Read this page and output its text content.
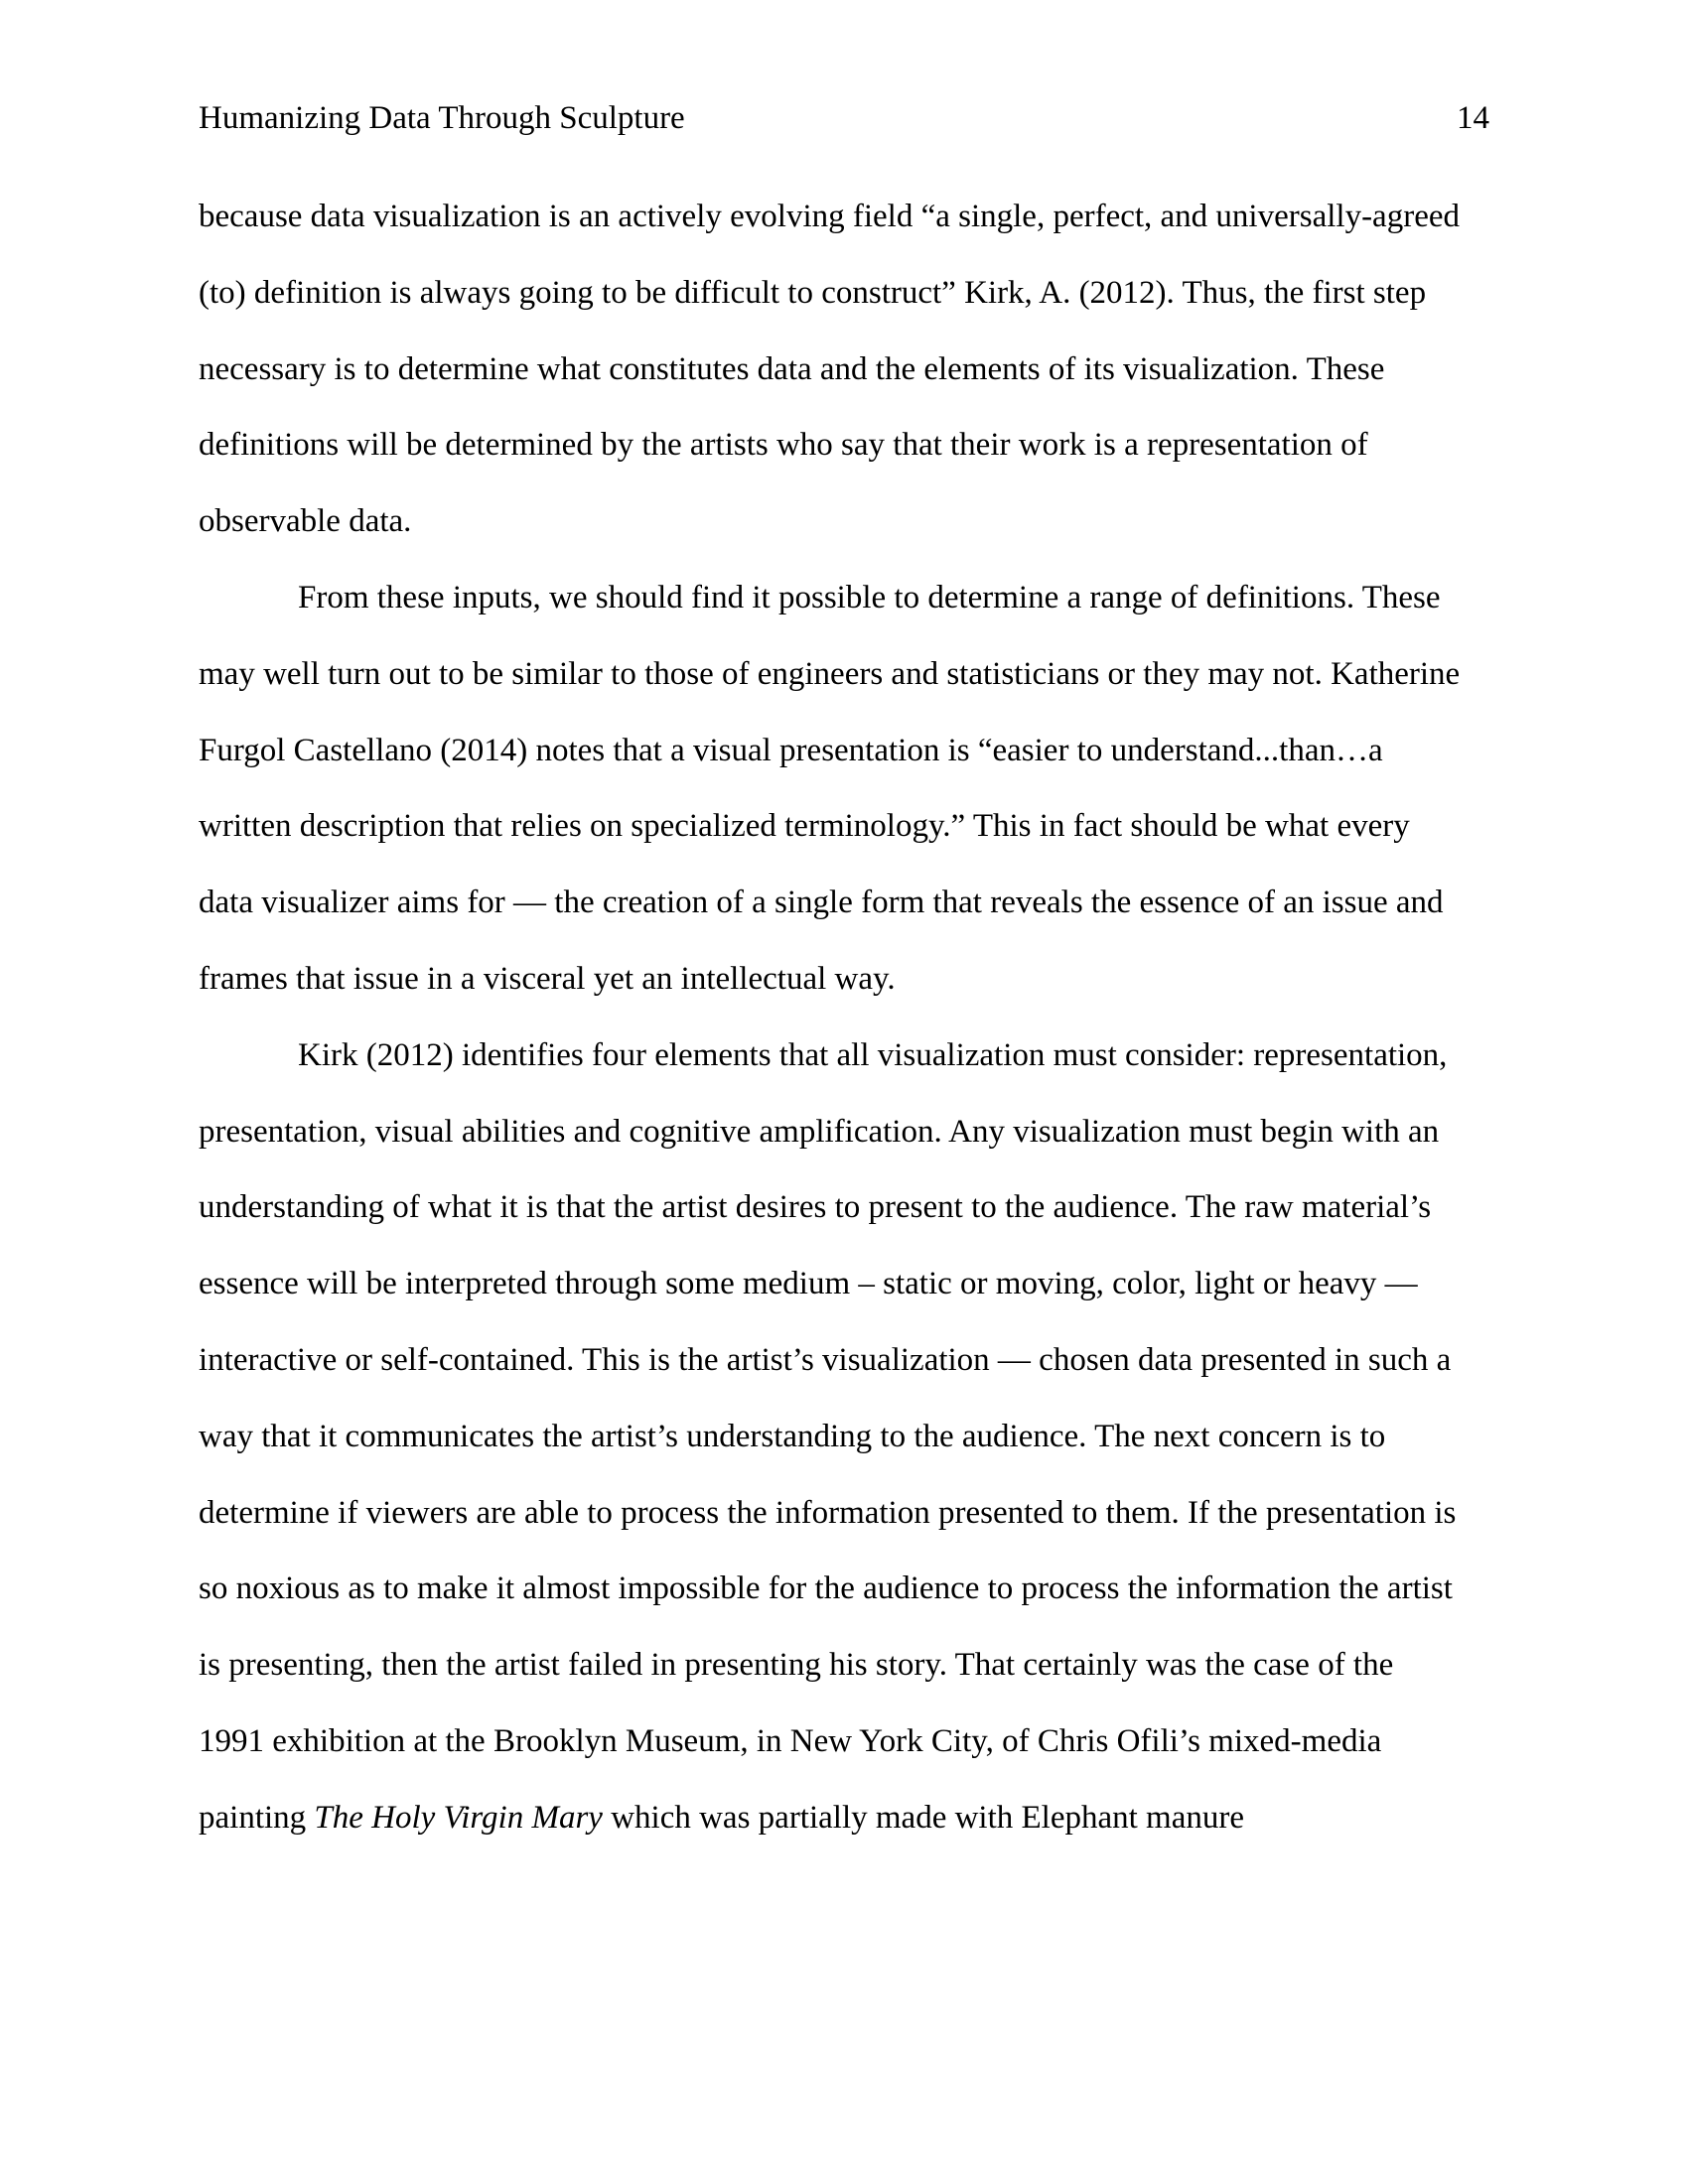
Humanizing Data Through Sculpture	14
because data visualization is an actively evolving field “a single, perfect, and universally-agreed
(to) definition is always going to be difficult to construct” Kirk, A. (2012). Thus, the first step
necessary is to determine what constitutes data and the elements of its visualization. These
definitions will be determined by the artists who say that their work is a representation of
observable data.
From these inputs, we should find it possible to determine a range of definitions. These
may well turn out to be similar to those of engineers and statisticians or they may not. Katherine
Furgol Castellano (2014) notes that a visual presentation is “easier to understand...than…a
written description that relies on specialized terminology.” This in fact should be what every
data visualizer aims for — the creation of a single form that reveals the essence of an issue and
frames that issue in a visceral yet an intellectual way.
Kirk (2012) identifies four elements that all visualization must consider: representation,
presentation, visual abilities and cognitive amplification. Any visualization must begin with an
understanding of what it is that the artist desires to present to the audience. The raw material’s
essence will be interpreted through some medium – static or moving, color, light or heavy —
interactive or self-contained. This is the artist’s visualization — chosen data presented in such a
way that it communicates the artist’s understanding to the audience. The next concern is to
determine if viewers are able to process the information presented to them. If the presentation is
so noxious as to make it almost impossible for the audience to process the information the artist
is presenting, then the artist failed in presenting his story. That certainly was the case of the
1991 exhibition at the Brooklyn Museum, in New York City, of Chris Ofili’s mixed-media
painting The Holy Virgin Mary which was partially made with Elephant manure
